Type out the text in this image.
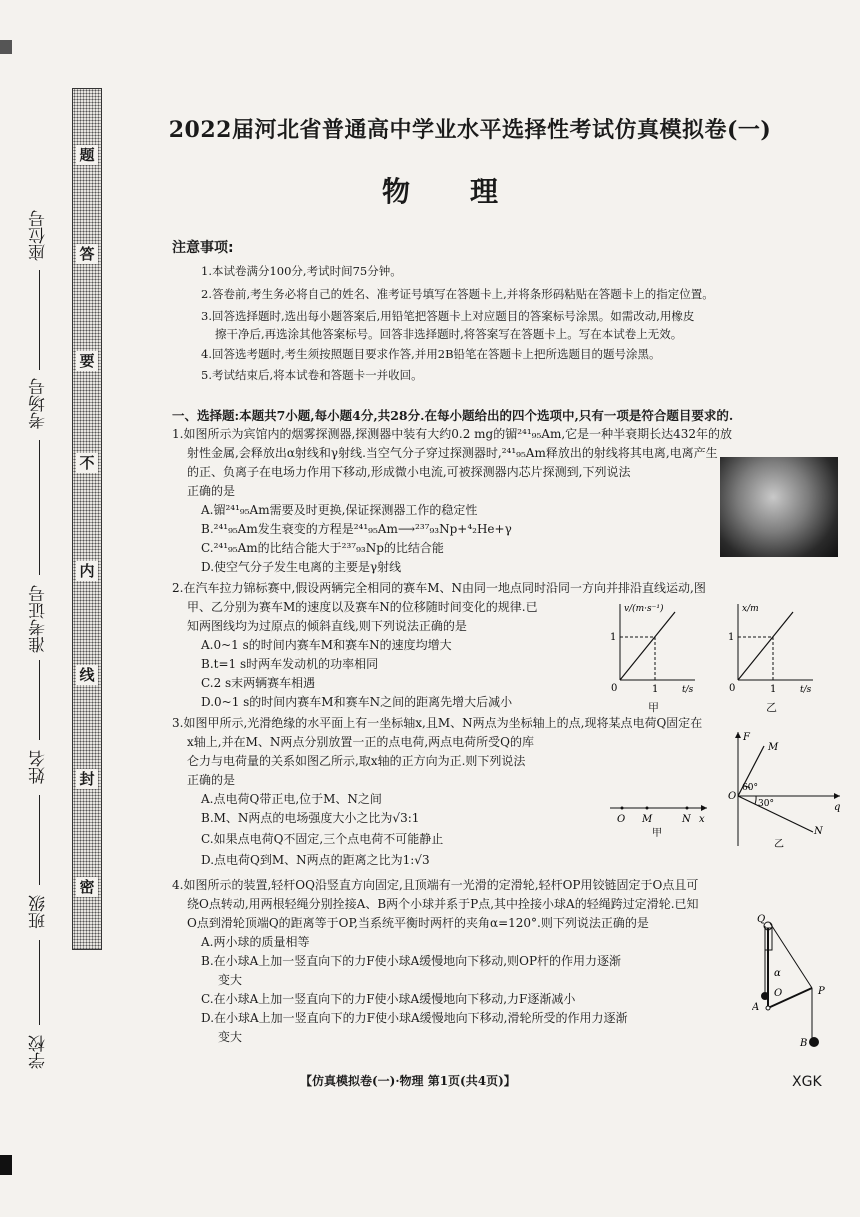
题
答
要
不
内
线
封
密
座位号
考场号
准考证号
姓名
班级
学校
2022届河北省普通高中学业水平选择性考试仿真模拟卷(一)
物理
注意事项:
1.本试卷满分100分,考试时间75分钟。
2.答卷前,考生务必将自己的姓名、准考证号填写在答题卡上,并将条形码粘贴在答题卡上的指定位置。
3.回答选择题时,选出每小题答案后,用铅笔把答题卡上对应题目的答案标号涂黑。如需改动,用橡皮
擦干净后,再选涂其他答案标号。回答非选择题时,将答案写在答题卡上。写在本试卷上无效。
4.回答选考题时,考生须按照题目要求作答,并用2B铅笔在答题卡上把所选题目的题号涂黑。
5.考试结束后,将本试卷和答题卡一并收回。
一、选择题:本题共7小题,每小题4分,共28分.在每小题给出的四个选项中,只有一项是符合题目要求的.
1.如图所示为宾馆内的烟雾探测器,探测器中装有大约0.2 mg的镅²⁴¹₉₅Am,它是一种半衰期长达432年的放
射性金属,会释放出α射线和γ射线.当空气分子穿过探测器时,²⁴¹₉₅Am释放出的射线将其电离,电离产生
的正、负离子在电场力作用下移动,形成微小电流,可被探测器内芯片探测到,下列说法
正确的是
A.镅²⁴¹₉₅Am需要及时更换,保证探测器工作的稳定性
B.²⁴¹₉₅Am发生衰变的方程是²⁴¹₉₅Am⟶²³⁷₉₃Np+⁴₂He+γ
C.²⁴¹₉₅Am的比结合能大于²³⁷₉₃Np的比结合能
D.使空气分子发生电离的主要是γ射线
2.在汽车拉力锦标赛中,假设两辆完全相同的赛车M、N由同一地点同时沿同一方向并排沿直线运动,图
甲、乙分别为赛车M的速度以及赛车N的位移随时间变化的规律.已
知两图线均为过原点的倾斜直线,则下列说法正确的是
A.0~1 s的时间内赛车M和赛车N的速度均增大
B.t=1 s时两车发动机的功率相同
C.2 s末两辆赛车相遇
D.0~1 s的时间内赛车M和赛车N之间的距离先增大后减小
v/(m·s⁻¹)
1
0	1	t/s
甲
x/m
1
0	1	t/s
乙
3.如图甲所示,光滑绝缘的水平面上有一坐标轴x,且M、N两点为坐标轴上的点,现将某点电荷Q固定在
x轴上,并在M、N两点分别放置一正的点电荷,两点电荷所受Q的库
仑力与电荷量的关系如图乙所示,取x轴的正方向为正.则下列说法
正确的是
A.点电荷Q带正电,位于M、N之间
B.M、N两点的电场强度大小之比为√3:1
C.如果点电荷Q不固定,三个点电荷不可能静止
D.点电荷Q到M、N两点的距离之比为1:√3
O M	N x
甲
F
M
O
60°
30°	q
N
乙
4.如图所示的装置,轻杆OQ沿竖直方向固定,且顶端有一光滑的定滑轮,轻杆OP用铰链固定于O点且可
绕O点转动,用两根轻绳分别拴接A、B两个小球并系于P点,其中拴接小球A的轻绳跨过定滑轮.已知
O点到滑轮顶端Q的距离等于OP,当系统平衡时两杆的夹角α=120°.则下列说法正确的是
A.两小球的质量相等
B.在小球A上加一竖直向下的力F使小球A缓慢地向下移动,则OP杆的作用力逐渐
变大
C.在小球A上加一竖直向下的力F使小球A缓慢地向下移动,力F逐渐减小
D.在小球A上加一竖直向下的力F使小球A缓慢地向下移动,滑轮所受的作用力逐渐
变大
Q
α
O
A
P
B
【仿真模拟卷(一)·物理 第1页(共4页)】	XGK
